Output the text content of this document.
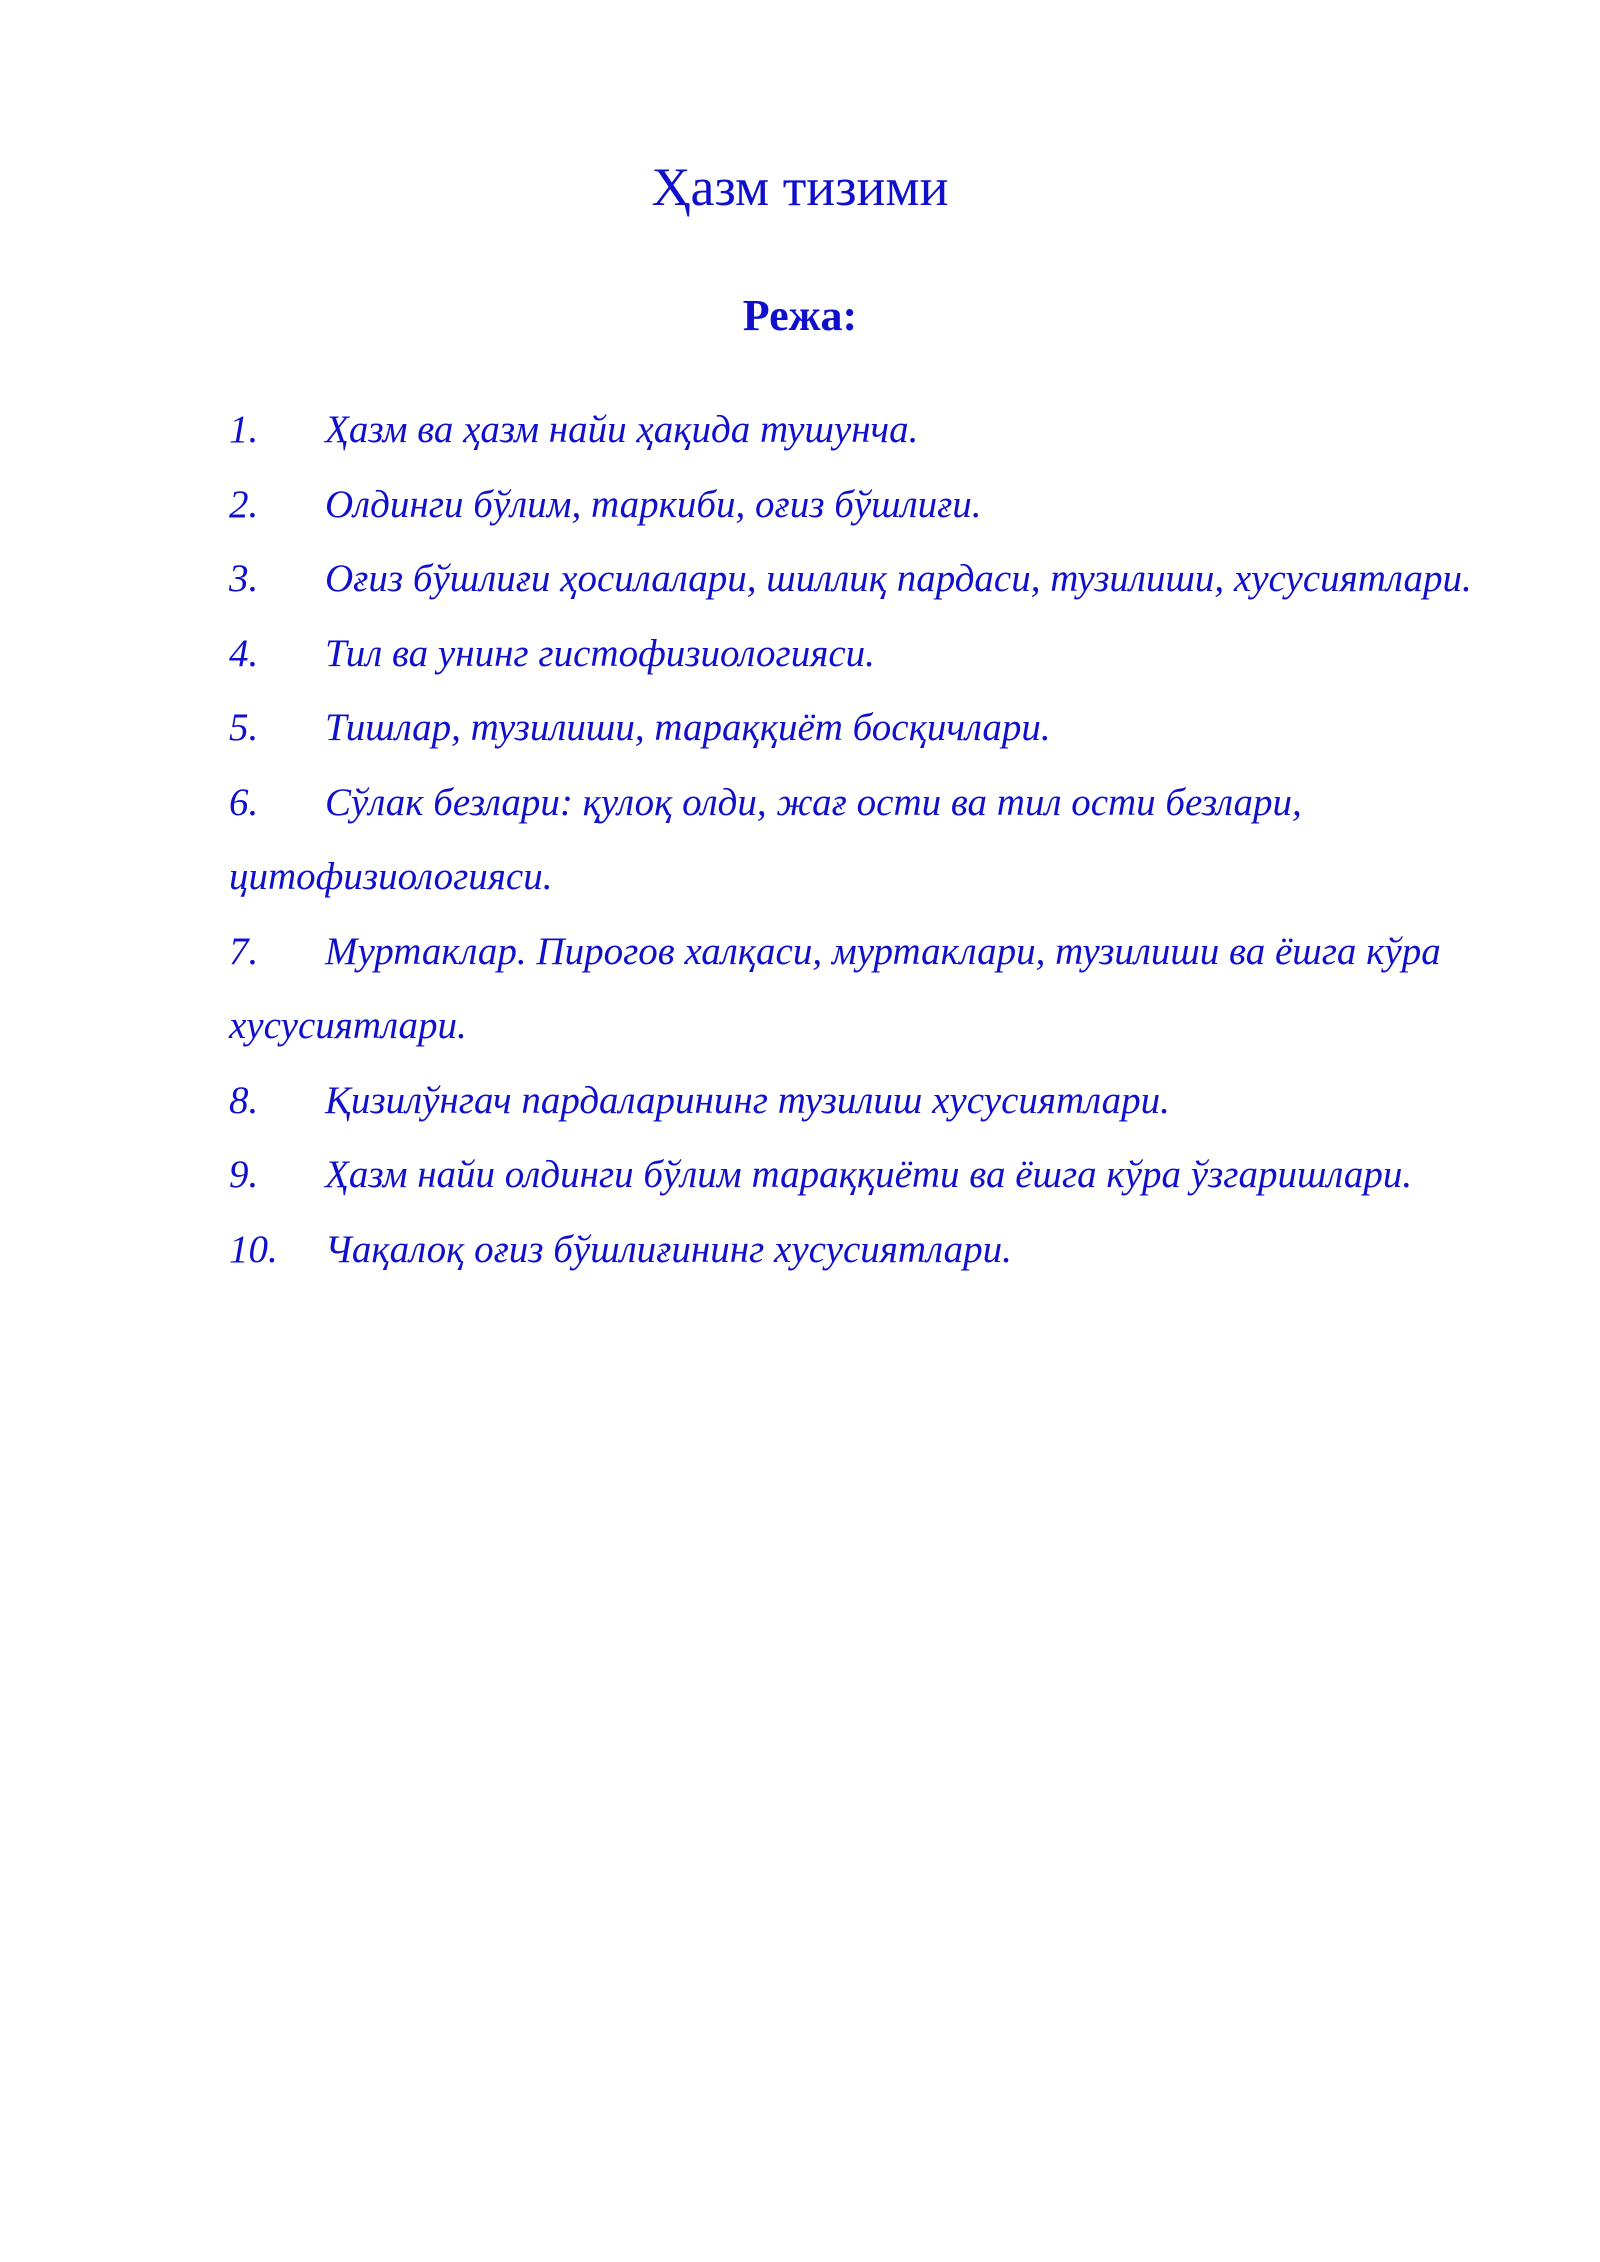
Ҳазм тизими
Режа:
1. Ҳазм ва ҳазм найи ҳақида тушунча.
2. Олдинги бўлим, таркиби, оғиз бўшлиғи.
3. Оғиз бўшлиғи ҳосилалари, шиллиқ пардаси, тузилиши, хусусиятлари.
4. Тил ва унинг гистофизиологияси.
5. Тишлар, тузилиши, тараққиёт босқичлари.
6. Сўлак безлари: қулоқ олди, жағ ости ва тил ости безлари, цитофизиологияси.
7. Муртаклар. Пирогов халқаси, муртаклари, тузилиши ва ёшга кўра хусусиятлари.
8. Қизилўнгач пардаларининг тузилиш хусусиятлари.
9. Ҳазм найи олдинги бўлим тараққиёти ва ёшга кўра ўзгаришлари.
10. Чақалоқ оғиз бўшлиғининг хусусиятлари.
